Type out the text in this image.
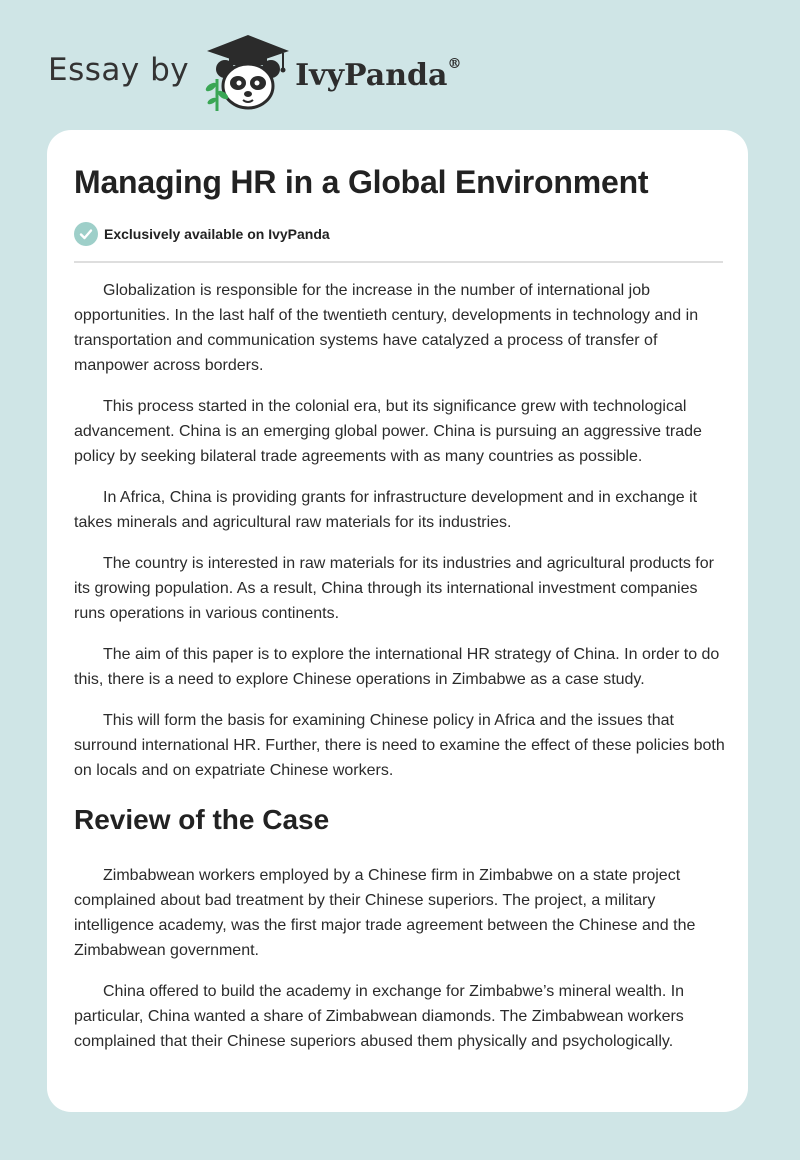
Essay by	IvyPanda®
Managing HR in a Global Environment
Exclusively available on IvyPanda

Globalization is responsible for the increase in the number of international job opportunities. In the last half of the twentieth century, developments in technology and in transportation and communication systems have catalyzed a process of transfer of manpower across borders.

This process started in the colonial era, but its significance grew with technological advancement. China is an emerging global power. China is pursuing an aggressive trade policy by seeking bilateral trade agreements with as many countries as possible.

In Africa, China is providing grants for infrastructure development and in exchange it takes minerals and agricultural raw materials for its industries.

The country is interested in raw materials for its industries and agricultural products for its growing population. As a result, China through its international investment companies runs operations in various continents.

The aim of this paper is to explore the international HR strategy of China. In order to do this, there is a need to explore Chinese operations in Zimbabwe as a case study.

This will form the basis for examining Chinese policy in Africa and the issues that surround international HR. Further, there is need to examine the effect of these policies both on locals and on expatriate Chinese workers.

Review of the Case

Zimbabwean workers employed by a Chinese firm in Zimbabwe on a state project complained about bad treatment by their Chinese superiors. The project, a military intelligence academy, was the first major trade agreement between the Chinese and the Zimbabwean government.

China offered to build the academy in exchange for Zimbabwe’s mineral wealth. In particular, China wanted a share of Zimbabwean diamonds. The Zimbabwean workers complained that their Chinese superiors abused them physically and psychologically.
